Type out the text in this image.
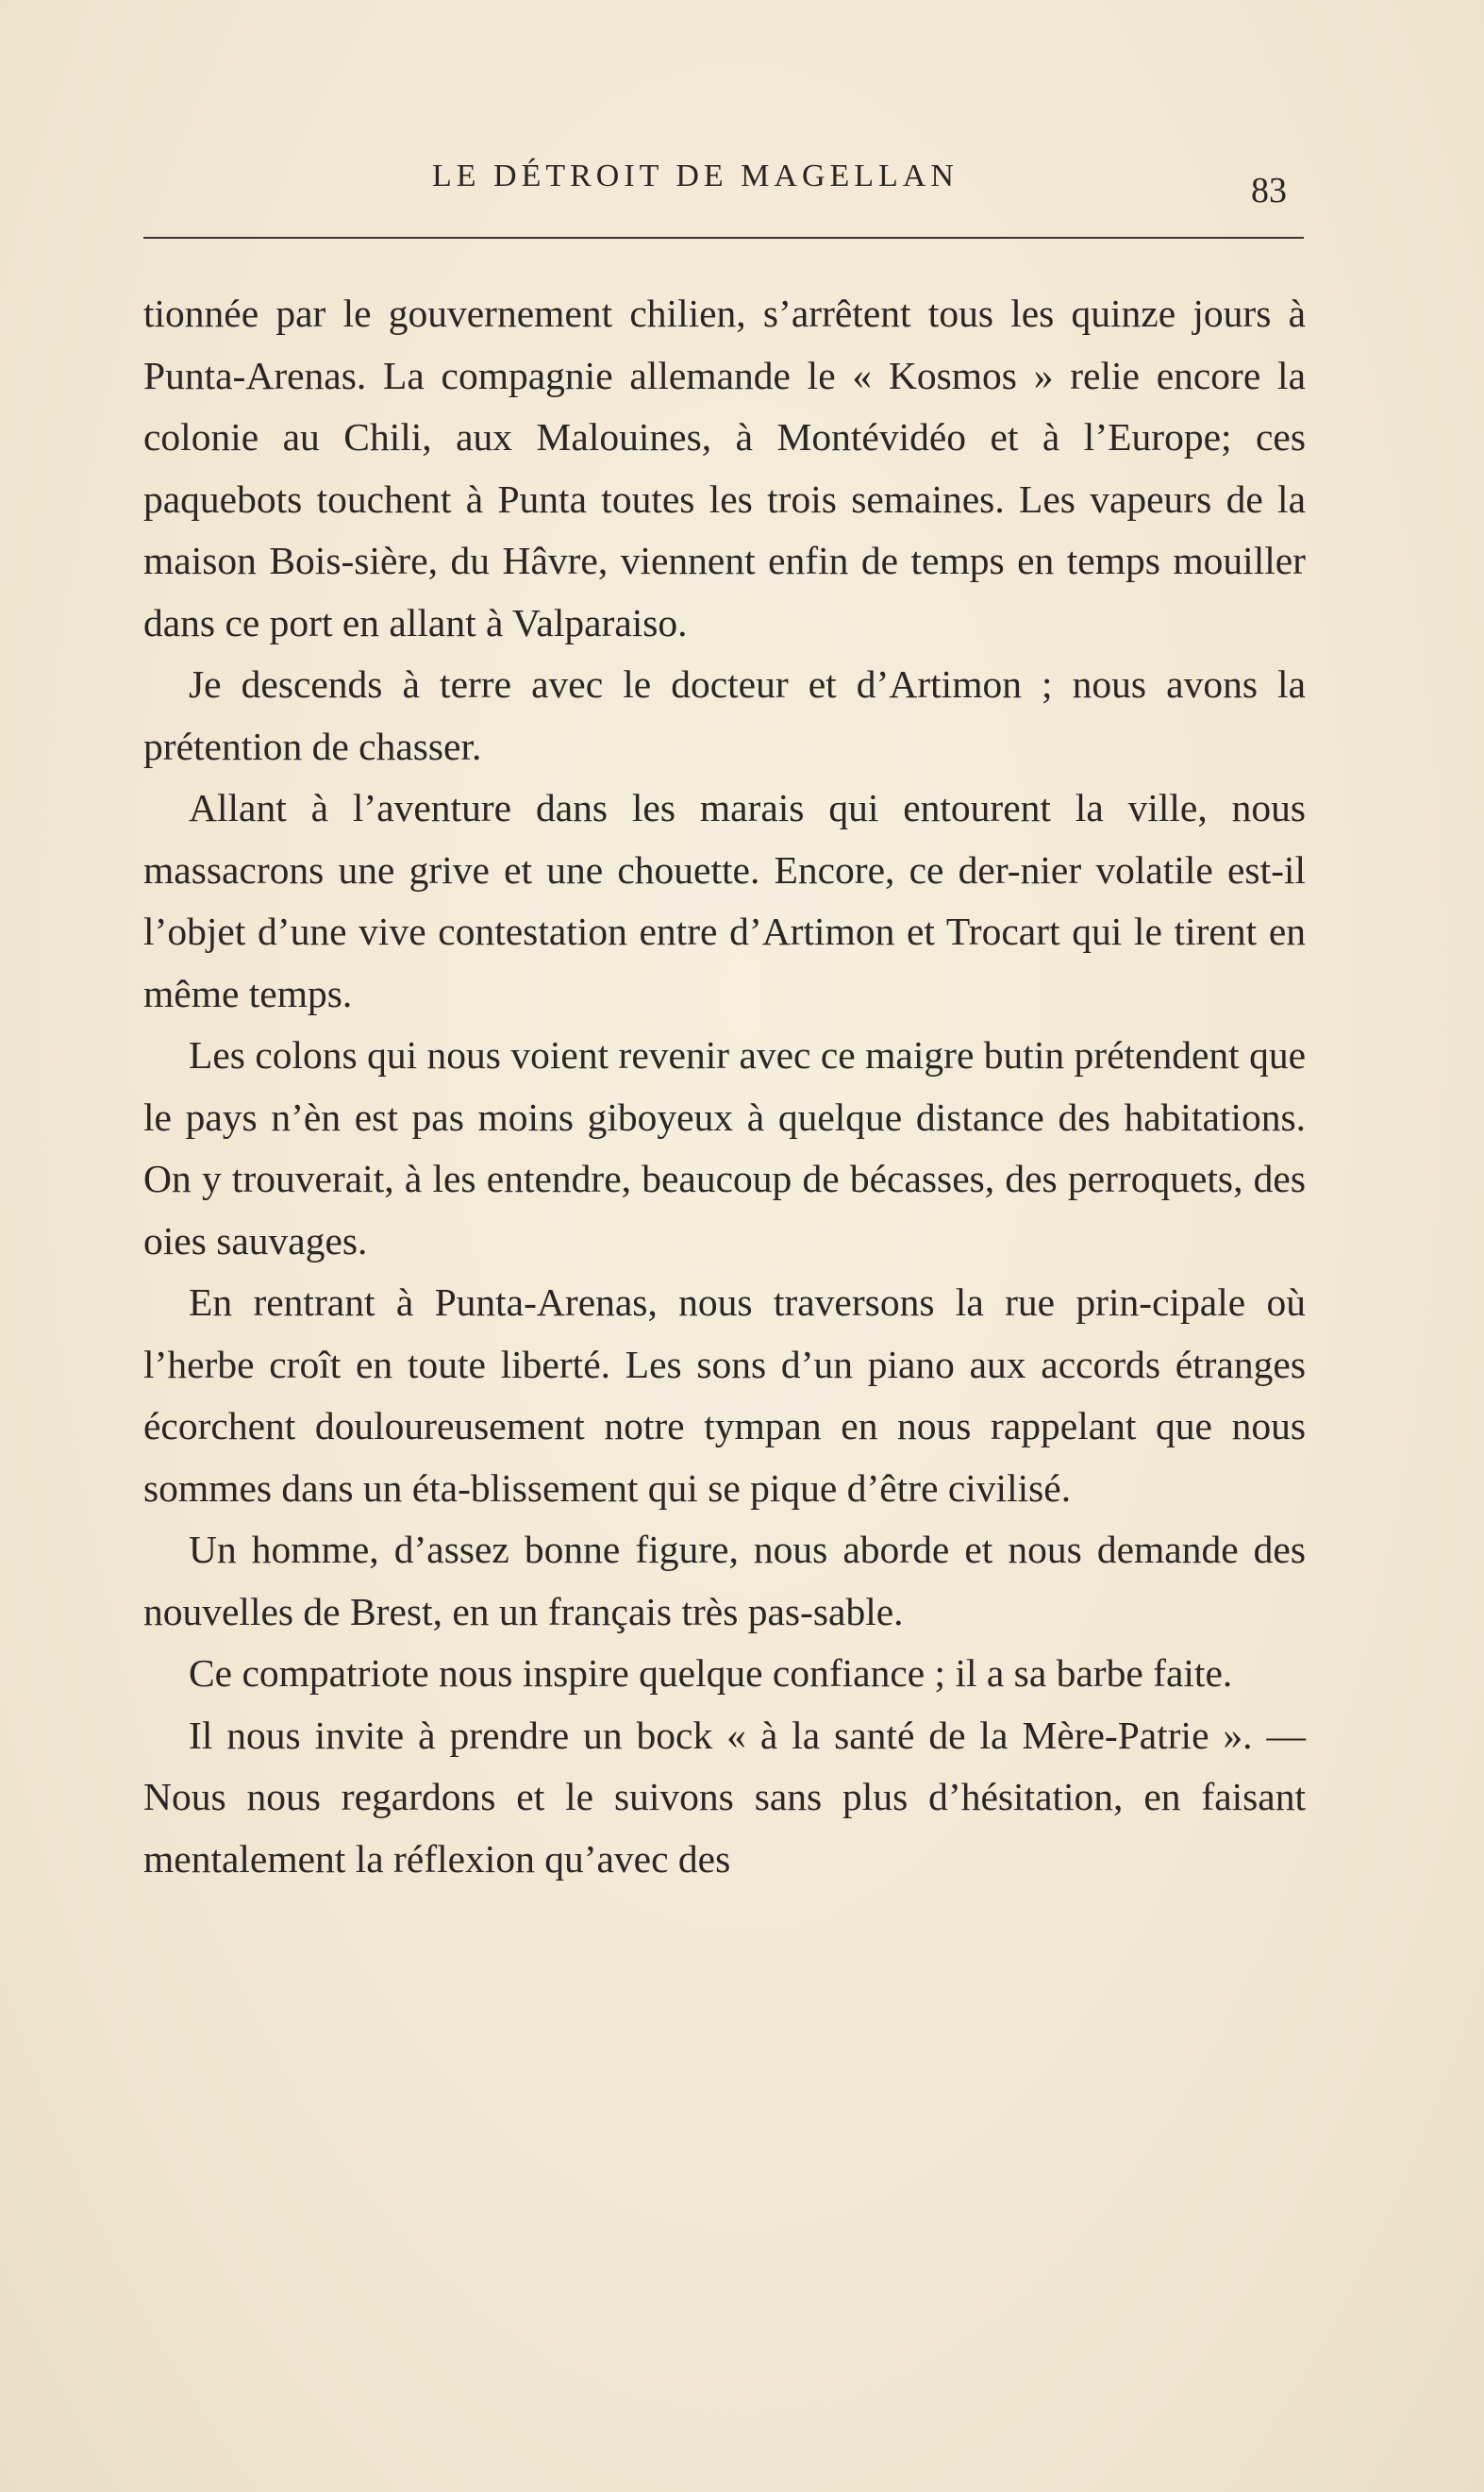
LE DÉTROIT DE MAGELLAN	83

tionnée par le gouvernement chilien, s’arrêtent tous les quinze jours à Punta-Arenas. La compagnie allemande le « Kosmos » relie encore la colonie au Chili, aux Malouines, à Montévidéo et à l’Europe; ces paquebots touchent à Punta toutes les trois semaines. Les vapeurs de la maison Bois-sière, du Hâvre, viennent enfin de temps en temps mouiller dans ce port en allant à Valparaiso.

Je descends à terre avec le docteur et d’Artimon ; nous avons la prétention de chasser.

Allant à l’aventure dans les marais qui entourent la ville, nous massacrons une grive et une chouette. Encore, ce der-nier volatile est-il l’objet d’une vive contestation entre d’Artimon et Trocart qui le tirent en même temps.

Les colons qui nous voient revenir avec ce maigre butin prétendent que le pays n’èn est pas moins giboyeux à quelque distance des habitations. On y trouverait, à les entendre, beaucoup de bécasses, des perroquets, des oies sauvages.

En rentrant à Punta-Arenas, nous traversons la rue prin-cipale où l’herbe croît en toute liberté. Les sons d’un piano aux accords étranges écorchent douloureusement notre tympan en nous rappelant que nous sommes dans un éta-blissement qui se pique d’être civilisé.

Un homme, d’assez bonne figure, nous aborde et nous demande des nouvelles de Brest, en un français très pas-sable.

Ce compatriote nous inspire quelque confiance ; il a sa barbe faite.

Il nous invite à prendre un bock « à la santé de la Mère-Patrie ». — Nous nous regardons et le suivons sans plus d’hésitation, en faisant mentalement la réflexion qu’avec des
